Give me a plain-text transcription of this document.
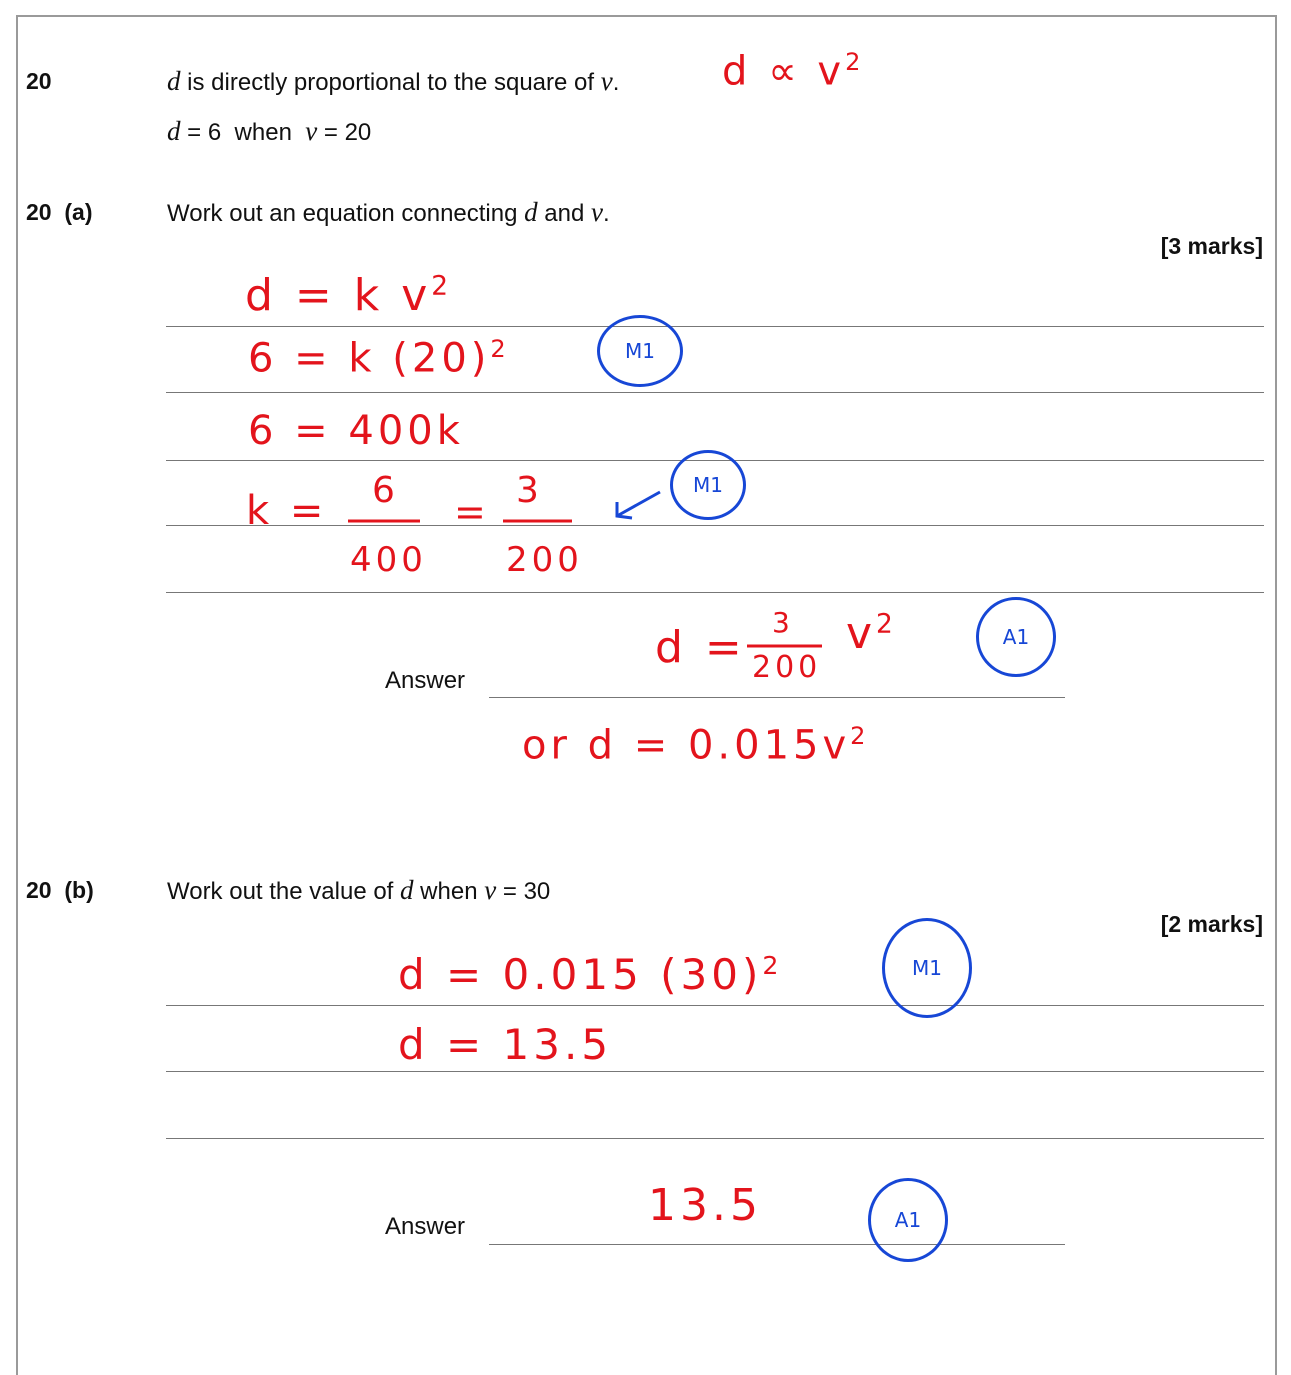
20	d is directly proportional to the square of v.	$d \propto v^2$
d = 6  when  v = 20
20 (a)	Work out an equation connecting d and v.
[3 marks]
d = k $v^2$
6 = k $(20)^2$	M1
6 = 400k
k = 6
400
= 3
200
M1
Answer
d = 3
200
$v^2$	A1
or $d = 0.015v^2$
20 (b)	Work out the value of d when v = 30
[2 marks]
d = 0.015 $(30)^2$	M1
d = 13.5
Answer	13.5	A1
